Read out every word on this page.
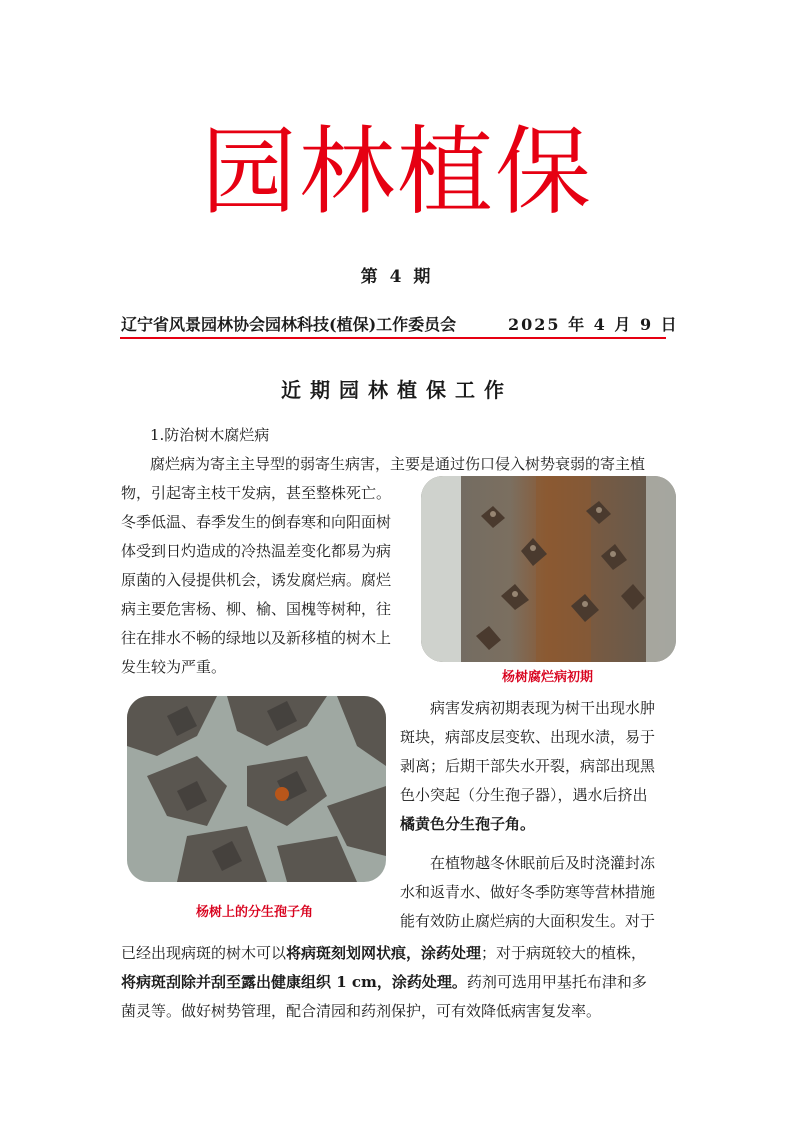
园林植保
第 4 期
辽宁省风景园林协会园林科技(植保)工作委员会	2025 年 4 月 9 日
近期园林植保工作

1.防治树木腐烂病

腐烂病为寄主主导型的弱寄生病害，主要是通过伤口侵入树势衰弱的寄主植

物，引起寄主枝干发病，甚至整株死亡。

冬季低温、春季发生的倒春寒和向阳面树

体受到日灼造成的冷热温差变化都易为病

原菌的入侵提供机会，诱发腐烂病。腐烂

病主要危害杨、柳、榆、国槐等树种，往

往在排水不畅的绿地以及新移植的树木上

发生较为严重。

杨树腐烂病初期
杨树上的分生孢子角

病害发病初期表现为树干出现水肿

斑块，病部皮层变软、出现水渍，易于

剥离；后期干部失水开裂，病部出现黑

色小突起（分生孢子器），遇水后挤出

橘黄色分生孢子角。

在植物越冬休眠前后及时浇灌封冻

水和返青水、做好冬季防寒等营林措施

能有效防止腐烂病的大面积发生。对于

已经出现病斑的树木可以将病斑刻划网状痕，涂药处理；对于病斑较大的植株，

将病斑刮除并刮至露出健康组织 1 cm，涂药处理。药剂可选用甲基托布津和多

菌灵等。做好树势管理，配合清园和药剂保护，可有效降低病害复发率。
